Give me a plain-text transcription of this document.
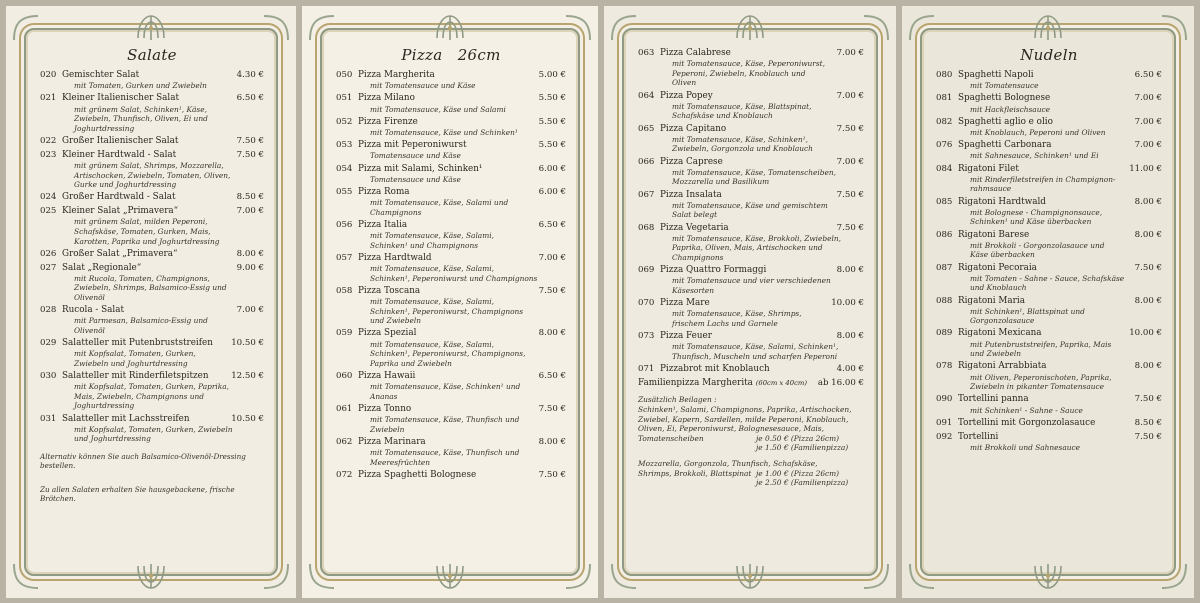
Salate
020 Gemischter Salat	4.30 €
mit Tomaten, Gurken und Zwiebeln
021 Kleiner Italienischer Salat	6.50 €
mit grünem Salat, Schinken¹, Käse,
Zwiebeln, Thunfisch, Oliven, Ei und
Joghurtdressing
022 Großer Italienischer Salat	7.50 €
023 Kleiner Hardtwald - Salat	7.50 €
mit grünem Salat, Shrimps, Mozzarella,
Artischocken, Zwiebeln, Tomaten, Oliven,
Gurke und Joghurtdressing
024 Großer Hardtwald - Salat	8.50 €
025 Kleiner Salat „Primavera“	7.00 €
mit grünem Salat, milden Peperoni,
Schafskäse, Tomaten, Gurken, Mais,
Karotten, Paprika und Joghurtdressing
026 Großer Salat „Primavera“	8.00 €
027 Salat „Regionale“	9.00 €
mit Rucola, Tomaten, Champignons,
Zwiebeln, Shrimps, Balsamico-Essig und
Olivenöl
028 Rucola - Salat	7.00 €
mit Parmesan, Balsamico-Essig und
Olivenöl
029 Salatteller mit Putenbruststreifen	10.50 €
mit Kopfsalat, Tomaten, Gurken,
Zwiebeln und Joghurtdressing
030 Salatteller mit Rinderfiletspitzen	12.50 €
mit Kopfsalat, Tomaten, Gurken, Paprika,
Mais, Zwiebeln, Champignons und
Joghurtdressing
031 Salatteller mit Lachsstreifen	10.50 €
mit Kopfsalat, Tomaten, Gurken, Zwiebeln
und Joghurtdressing
Alternativ können Sie auch Balsamico-Olivenöl-Dressing
bestellen.
Zu allen Salaten erhalten Sie hausgebackene, frische Brötchen.
Pizza   26cm
050 Pizza Margherita	5.00 €
mit Tomatensauce und Käse
051 Pizza Milano	5.50 €
mit Tomatensauce, Käse und Salami
052 Pizza Firenze	5.50 €
mit Tomatensauce, Käse und Schinken¹
053 Pizza mit Peperoniwurst	5.50 €
Tomatensauce und Käse
054 Pizza mit Salami, Schinken¹	6.00 €
Tomatensauce und Käse
055 Pizza Roma	6.00 €
mit Tomatensauce, Käse, Salami und
Champignons
056 Pizza Italia	6.50 €
mit Tomatensauce, Käse, Salami,
Schinken¹ und Champignons
057 Pizza Hardtwald	7.00 €
mit Tomatensauce, Käse, Salami,
Schinken¹, Peperoniwurst und Champignons
058 Pizza Toscana	7.50 €
mit Tomatensauce, Käse, Salami,
Schinken¹, Peperoniwurst, Champignons
und Zwiebeln
059 Pizza Spezial	8.00 €
mit Tomatensauce, Käse, Salami,
Schinken¹, Peperoniwurst, Champignons,
Paprika und Zwiebeln
060 Pizza Hawaii	6.50 €
mit Tomatensauce, Käse, Schinken¹ und
Ananas
061 Pizza Tonno	7.50 €
mit Tomatensauce, Käse, Thunfisch und
Zwiebeln
062 Pizza Marinara	8.00 €
mit Tomatensauce, Käse, Thunfisch und
Meeresfrüchten
072 Pizza Spaghetti Bolognese	7.50 €
063 Pizza Calabrese	7.00 €
mit Tomatensauce, Käse, Peperoniwurst,
Peperoni, Zwiebeln, Knoblauch und
Oliven
064 Pizza Popey	7.00 €
mit Tomatensauce, Käse, Blattspinat,
Schafskäse und Knoblauch
065 Pizza Capitano	7.50 €
mit Tomatensauce, Käse, Schinken¹,
Zwiebeln, Gorgonzola und Knoblauch
066 Pizza Caprese	7.00 €
mit Tomatensauce, Käse, Tomatenscheiben,
Mozzarella und Basilikum
067 Pizza Insalata	7.50 €
mit Tomatensauce, Käse und gemischtem
Salat belegt
068 Pizza Vegetaria	7.50 €
mit Tomatensauce, Käse, Brokkoli, Zwiebeln,
Paprika, Oliven, Mais, Artischocken und
Champignons
069 Pizza Quattro Formaggi	8.00 €
mit Tomatensauce und vier verschiedenen
Käsesorten
070 Pizza Mare	10.00 €
mit Tomatensauce, Käse, Shrimps,
frischem Lachs und Garnele
073 Pizza Feuer	8.00 €
mit Tomatensauce, Käse, Salami, Schinken¹,
Thunfisch, Muscheln und scharfen Peperoni
071 Pizzabrot mit Knoblauch	4.00 €
Familienpizza Margherita (60cm x 40cm)	ab 16.00 €
Zusätzlich Beilagen :
Schinken¹, Salami, Champignons, Paprika, Artischocken,
Zwiebel, Kapern, Sardellen, milde Peperoni, Knoblauch,
Oliven, Ei, Peperoniwurst, Bolognesesauce, Mais,
Tomatenscheiben	je 0.50 € (Pizza 26cm)
je 1.50 € (Familienpizza)
Mozzarella, Gorgonzola, Thunfisch, Schafskäse,
Shrimps, Brokkoli, Blattspinat je 1.00 € (Pizza 26cm)
je 2.50 € (Familienpizza)
Nudeln
080 Spaghetti Napoli	6.50 €
mit Tomatensauce
081 Spaghetti Bolognese	7.00 €
mit Hackfleischsauce
082 Spaghetti aglio e olio	7.00 €
mit Knoblauch, Peperoni und Oliven
076 Spaghetti Carbonara	7.00 €
mit Sahnesauce, Schinken¹ und Ei
084 Rigatoni Filet	11.00 €
mit Rinderfiletstreifen in Champignon-
rahmsauce
085 Rigatoni Hardtwald	8.00 €
mit Bolognese - Champignonsauce,
Schinken¹ und Käse überbacken
086 Rigatoni Barese	8.00 €
mit Brokkoli - Gorgonzolasauce und
Käse überbacken
087 Rigatoni Pecoraia	7.50 €
mit Tomaten - Sahne - Sauce, Schafskäse
und Knoblauch
088 Rigatoni Maria	8.00 €
mit Schinken¹, Blattspinat und
Gorgonzolasauce
089 Rigatoni Mexicana	10.00 €
mit Putenbruststreifen, Paprika, Mais
und Zwiebeln
078 Rigatoni Arrabbiata	8.00 €
mit Oliven, Peperonischoten, Paprika,
Zwiebeln in pikanter Tomatensauce
090 Tortellini panna	7.50 €
mit Schinken¹ - Sahne - Sauce
091 Tortellini mit Gorgonzolasauce	8.50 €
092 Tortellini	7.50 €
mit Brokkoli und Sahnesauce
